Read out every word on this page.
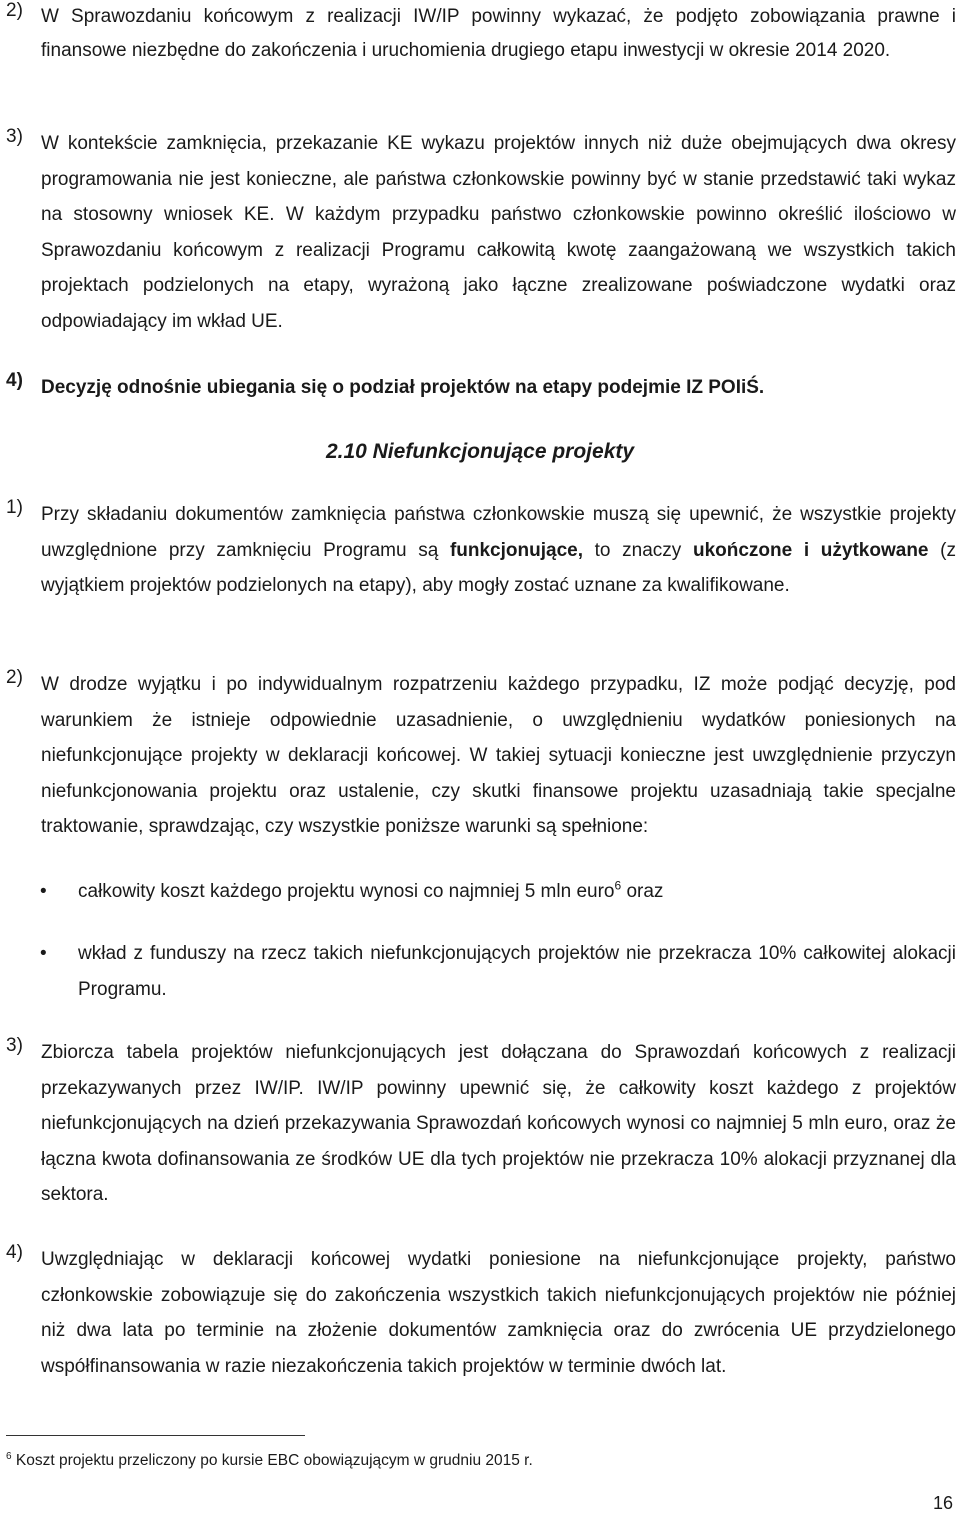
2) W Sprawozdaniu końcowym z realizacji IW/IP powinny wykazać, że podjęto zobowiązania prawne i finansowe niezbędne do zakończenia i uruchomienia drugiego etapu inwestycji w okresie 2014 2020.

3) W kontekście zamknięcia, przekazanie KE wykazu projektów innych niż duże obejmujących dwa okresy programowania nie jest konieczne, ale państwa członkowskie powinny być w stanie przedstawić taki wykaz na stosowny wniosek KE. W każdym przypadku państwo członkowskie powinno określić ilościowo w Sprawozdaniu końcowym z realizacji Programu całkowitą kwotę zaangażowaną we wszystkich takich projektach podzielonych na etapy, wyrażoną jako łączne zrealizowane poświadczone wydatki oraz odpowiadający im wkład UE.

4) Decyzję odnośnie ubiegania się o podział projektów na etapy podejmie IZ POIiŚ.

2.10 Niefunkcjonujące projekty
1) Przy składaniu dokumentów zamknięcia państwa członkowskie muszą się upewnić, że wszystkie projekty uwzględnione przy zamknięciu Programu są funkcjonujące, to znaczy ukończone i użytkowane (z wyjątkiem projektów podzielonych na etapy), aby mogły zostać uznane za kwalifikowane.

2) W drodze wyjątku i po indywidualnym rozpatrzeniu każdego przypadku, IZ może podjąć decyzję, pod warunkiem że istnieje odpowiednie uzasadnienie, o uwzględnieniu wydatków poniesionych na niefunkcjonujące projekty w deklaracji końcowej. W takiej sytuacji konieczne jest uwzględnienie przyczyn niefunkcjonowania projektu oraz ustalenie, czy skutki finansowe projektu uzasadniają takie specjalne traktowanie, sprawdzając, czy wszystkie poniższe warunki są spełnione:

• całkowity koszt każdego projektu wynosi co najmniej 5 mln euro$^6$ oraz
• wkład z funduszy na rzecz takich niefunkcjonujących projektów nie przekracza 10% całkowitej alokacji Programu.
3) Zbiorcza tabela projektów niefunkcjonujących jest dołączana do Sprawozdań końcowych z realizacji przekazywanych przez IW/IP. IW/IP powinny upewnić się, że całkowity koszt każdego z projektów niefunkcjonujących na dzień przekazywania Sprawozdań końcowych wynosi co najmniej 5 mln euro, oraz że łączna kwota dofinansowania ze środków UE dla tych projektów nie przekracza 10% alokacji przyznanej dla sektora.

4) Uwzględniając w deklaracji końcowej wydatki poniesione na niefunkcjonujące projekty, państwo członkowskie zobowiązuje się do zakończenia wszystkich takich niefunkcjonujących projektów nie później niż dwa lata po terminie na złożenie dokumentów zamknięcia oraz do zwrócenia UE przydzielonego współfinansowania w razie niezakończenia takich projektów w terminie dwóch lat.

$^6$ Koszt projektu przeliczony po kursie EBC obowiązującym w grudniu 2015 r.
16
